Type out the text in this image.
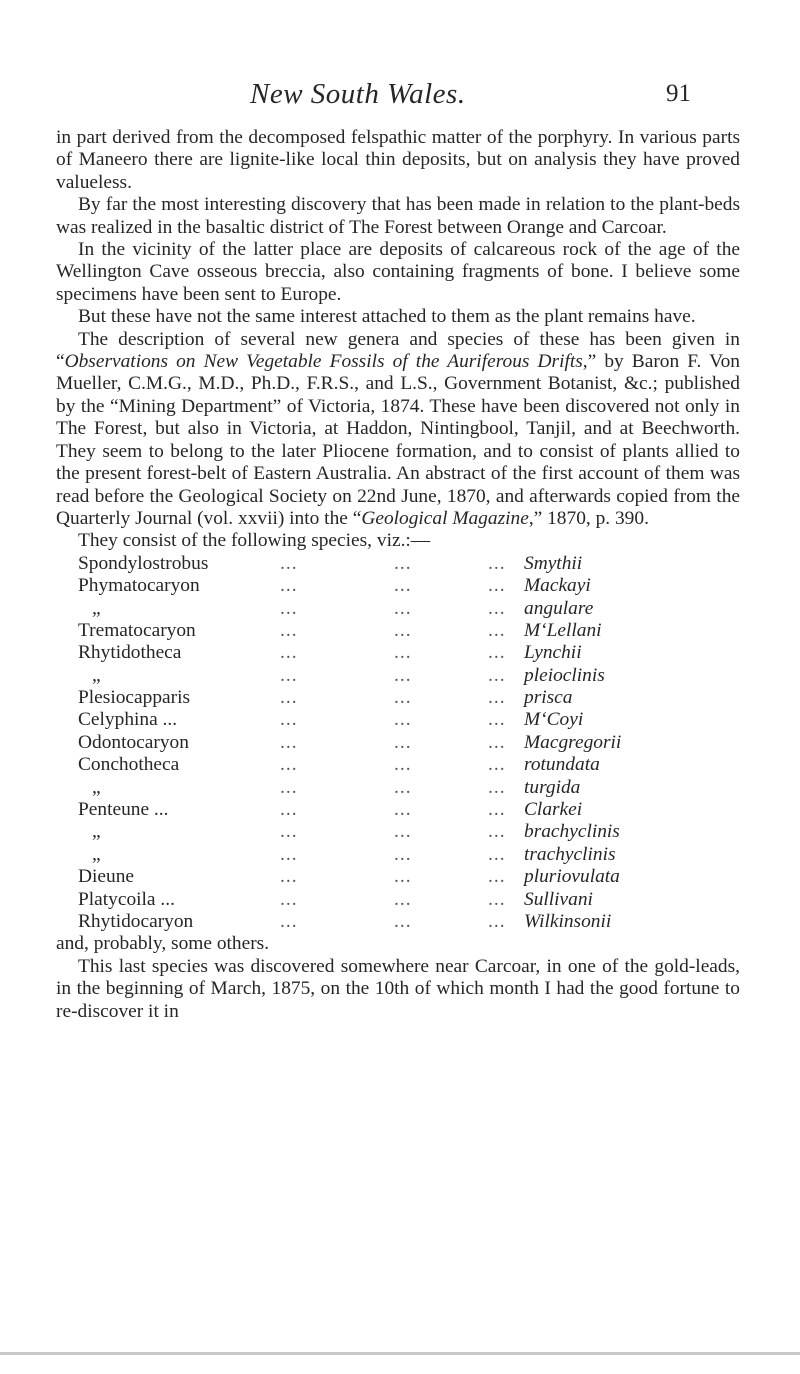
New South Wales.	91

in part derived from the decomposed felspathic matter of the porphyry. In various parts of Maneero there are lignite-like local thin deposits, but on analysis they have proved valueless.

By far the most interesting discovery that has been made in relation to the plant-beds was realized in the basaltic district of The Forest between Orange and Carcoar.

In the vicinity of the latter place are deposits of calcareous rock of the age of the Wellington Cave osseous breccia, also containing fragments of bone. I believe some specimens have been sent to Europe.

But these have not the same interest attached to them as the plant remains have.

The description of several new genera and species of these has been given in “Observations on New Vegetable Fossils of the Auriferous Drifts,” by Baron F. Von Mueller, C.M.G., M.D., Ph.D., F.R.S., and L.S., Government Botanist, &c.; published by the “Mining Department” of Victoria, 1874. These have been discovered not only in The Forest, but also in Victoria, at Haddon, Nintingbool, Tanjil, and at Beechworth. They seem to belong to the later Pliocene formation, and to consist of plants allied to the present forest-belt of Eastern Australia. An abstract of the first account of them was read before the Geological Society on 22nd June, 1870, and afterwards copied from the Quarterly Journal (vol. xxvii) into the “Geological Magazine,” 1870, p. 390.

They consist of the following species, viz.:—

Spondylostrobus	...	...	... Smythii
Phymatocaryon	...	...	... Mackayi
„	...	...	... angulare
Trematocaryon	...	...	... M‘Lellani
Rhytidotheca	...	...	... Lynchii
„	...	...	... pleioclinis
Plesiocapparis	...	...	... prisca
Celyphina ...	...	...	... M‘Coyi
Odontocaryon	...	...	... Macgregorii
Conchotheca	...	...	... rotundata
„	...	...	... turgida
Penteune ...	...	...	... Clarkei
„	...	...	... brachyclinis
„	...	...	... trachyclinis
Dieune	...	...	... pluriovulata
Platycoila ...	...	...	... Sullivani
Rhytidocaryon	...	...	... Wilkinsonii

and, probably, some others.

This last species was discovered somewhere near Carcoar, in one of the gold-leads, in the beginning of March, 1875, on the 10th of which month I had the good fortune to re-discover it in
